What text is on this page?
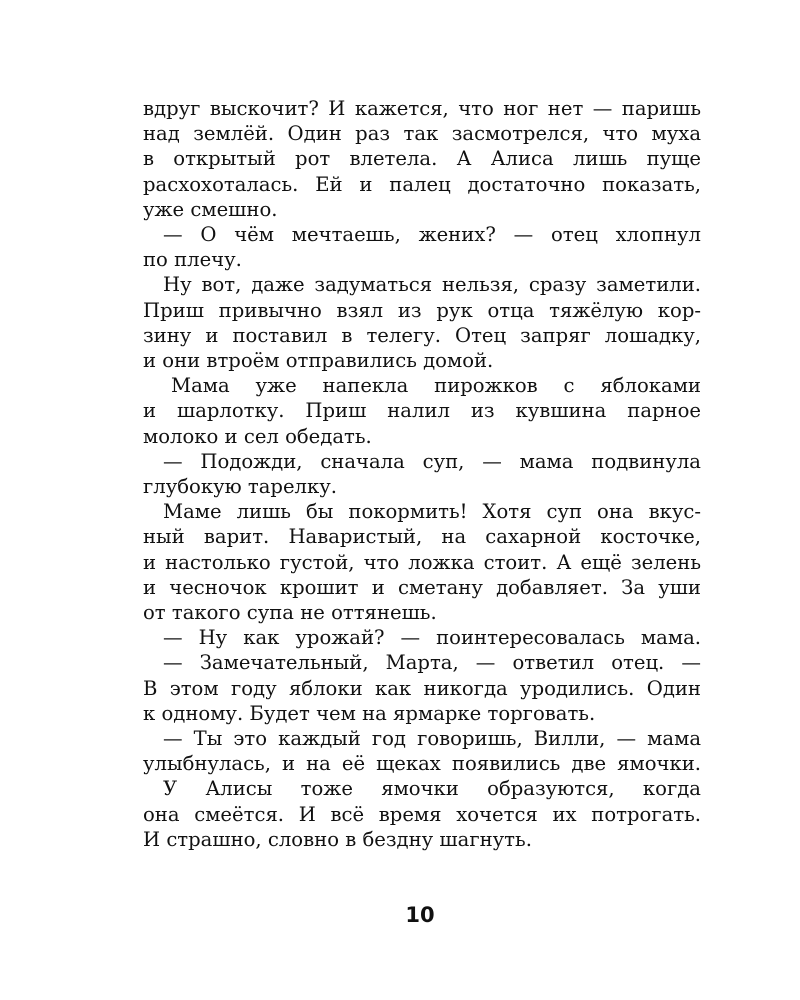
вдруг выскочит? И кажется, что ног нет — паришь
над землёй. Один раз так засмотрелся, что муха
в открытый рот влетела. А Алиса лишь пуще
расхохоталась. Ей и палец достаточно показать,
уже смешно.
— О чём мечтаешь, жених? — отец хлопнул
по плечу.
Ну вот, даже задуматься нельзя, сразу заметили.
Приш привычно взял из рук отца тяжёлую кор-
зину и поставил в телегу. Отец запряг лошадку,
и они втроём отправились домой.
Мама уже напекла пирожков с яблоками
и шарлотку. Приш налил из кувшина парное
молоко и сел обедать.
— Подожди, сначала суп, — мама подвинула
глубокую тарелку.
Маме лишь бы покормить! Хотя суп она вкус-
ный варит. Наваристый, на сахарной косточке,
и настолько густой, что ложка стоит. А ещё зелень
и чесночок крошит и сметану добавляет. За уши
от такого супа не оттянешь.
— Ну как урожай? — поинтересовалась мама.
— Замечательный, Марта, — ответил отец. —
В этом году яблоки как никогда уродились. Один
к одному. Будет чем на ярмарке торговать.
— Ты это каждый год говоришь, Вилли, — мама
улыбнулась, и на её щеках появились две ямочки.
У Алисы тоже ямочки образуются, когда
она смеётся. И всё время хочется их потрогать.
И страшно, словно в бездну шагнуть.
10
